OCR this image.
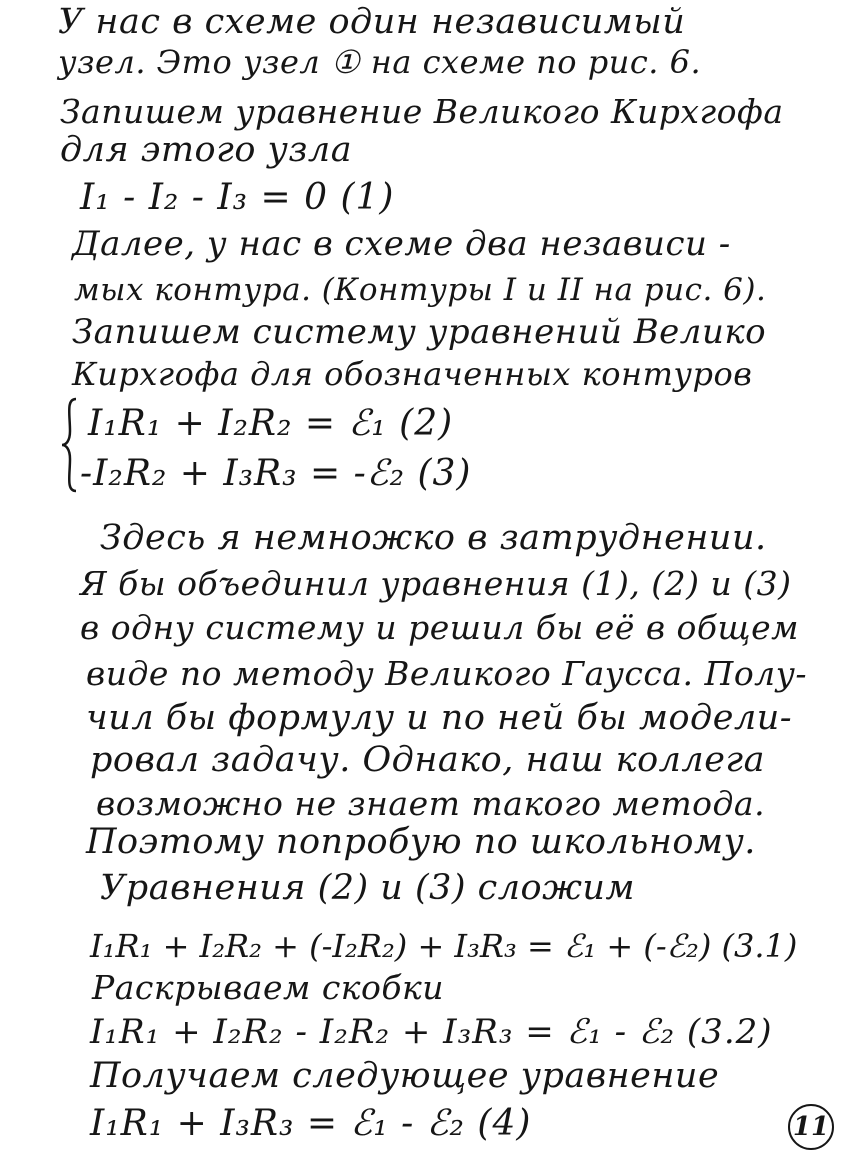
У нас в схеме один независимый
узел. Это узел ① на схеме по рис. 6.
Запишем уравнение Великого Кирхгофа
для этого узла
I₁ - I₂ - I₃ = 0 (1)
Далее, у нас в схеме два независи -
мых контура. (Контуры I и II на рис. 6).
Запишем систему уравнений Велико
Кирхгофа для обозначенных контуров
I₁R₁ + I₂R₂ = ℰ₁ (2)
-I₂R₂ + I₃R₃ = -ℰ₂ (3)
Здесь я немножко в затруднении.
Я бы объединил уравнения (1), (2) и (3)
в одну систему и решил бы её в общем
виде по методу Великого Гаусса. Полу-
чил бы формулу и по ней бы модели-
ровал задачу. Однако, наш коллега
возможно не знает такого метода.
Поэтому попробую по школьному.
Уравнения (2) и (3) сложим
I₁R₁ + I₂R₂ + (-I₂R₂) + I₃R₃ = ℰ₁ + (-ℰ₂) (3.1)
Раскрываем скобки
I₁R₁ + I₂R₂ - I₂R₂ + I₃R₃ = ℰ₁ - ℰ₂ (3.2)
Получаем следующее уравнение
I₁R₁ + I₃R₃ = ℰ₁ - ℰ₂ (4)	11
